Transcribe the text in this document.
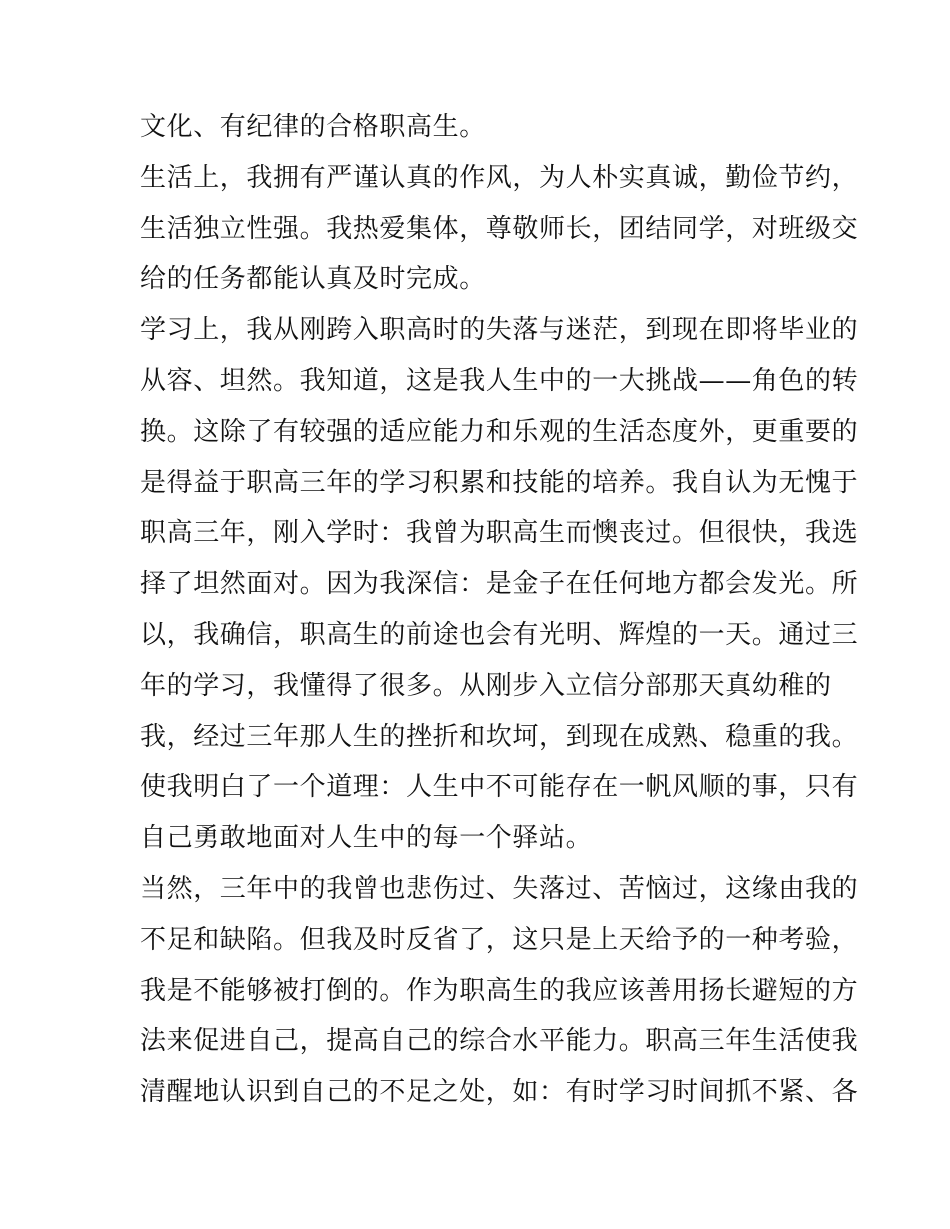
文化、有纪律的合格职高生。
生活上，我拥有严谨认真的作风，为人朴实真诚，勤俭节约，
生活独立性强。我热爱集体，尊敬师长，团结同学，对班级交
给的任务都能认真及时完成。
学习上，我从刚跨入职高时的失落与迷茫，到现在即将毕业的
从容、坦然。我知道，这是我人生中的一大挑战——角色的转
换。这除了有较强的适应能力和乐观的生活态度外，更重要的
是得益于职高三年的学习积累和技能的培养。我自认为无愧于
职高三年，刚入学时：我曾为职高生而懊丧过。但很快，我选
择了坦然面对。因为我深信：是金子在任何地方都会发光。所
以，我确信，职高生的前途也会有光明、辉煌的一天。通过三
年的学习，我懂得了很多。从刚步入立信分部那天真幼稚的
我，经过三年那人生的挫折和坎坷，到现在成熟、稳重的我。
使我明白了一个道理：人生中不可能存在一帆风顺的事，只有
自己勇敢地面对人生中的每一个驿站。
当然，三年中的我曾也悲伤过、失落过、苦恼过，这缘由我的
不足和缺陷。但我及时反省了，这只是上天给予的一种考验，
我是不能够被打倒的。作为职高生的我应该善用扬长避短的方
法来促进自己，提高自己的综合水平能力。职高三年生活使我
清醒地认识到自己的不足之处，如：有时学习时间抓不紧、各
